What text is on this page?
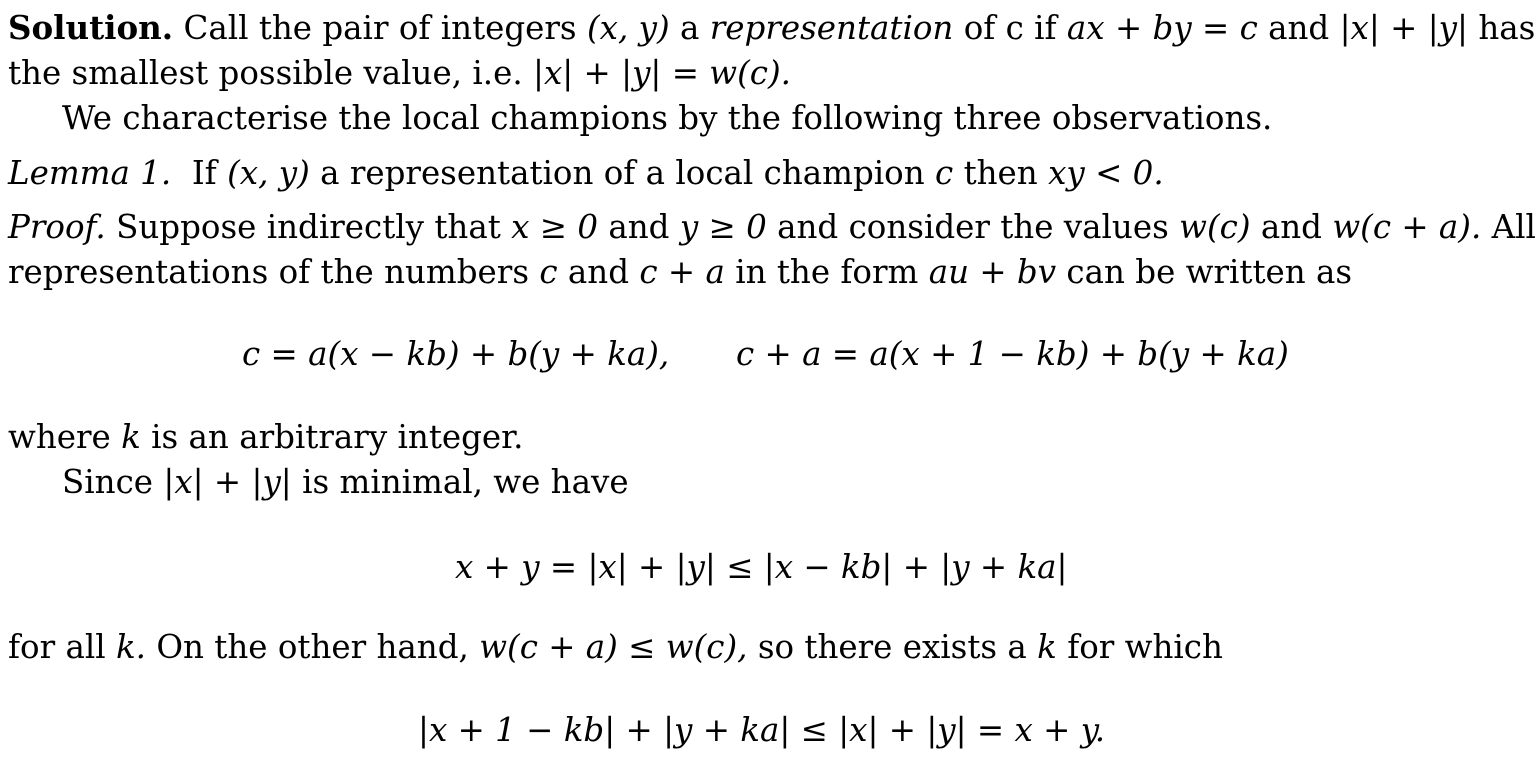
Solution. Call the pair of integers (x, y) a representation of c if ax + by = c and |x| + |y| has
the smallest possible value, i.e. |x| + |y| = w(c).
We characterise the local champions by the following three observations.
Lemma 1. If (x, y) a representation of a local champion c then xy < 0.
Proof. Suppose indirectly that x ≥ 0 and y ≥ 0 and consider the values w(c) and w(c + a). All
representations of the numbers c and c + a in the form au + bv can be written as
c = a(x − kb) + b(y + ka), c + a = a(x + 1 − kb) + b(y + ka)
where k is an arbitrary integer.
Since |x| + |y| is minimal, we have
x + y = |x| + |y| ≤ |x − kb| + |y + ka|
for all k. On the other hand, w(c + a) ≤ w(c), so there exists a k for which
|x + 1 − kb| + |y + ka| ≤ |x| + |y| = x + y.
